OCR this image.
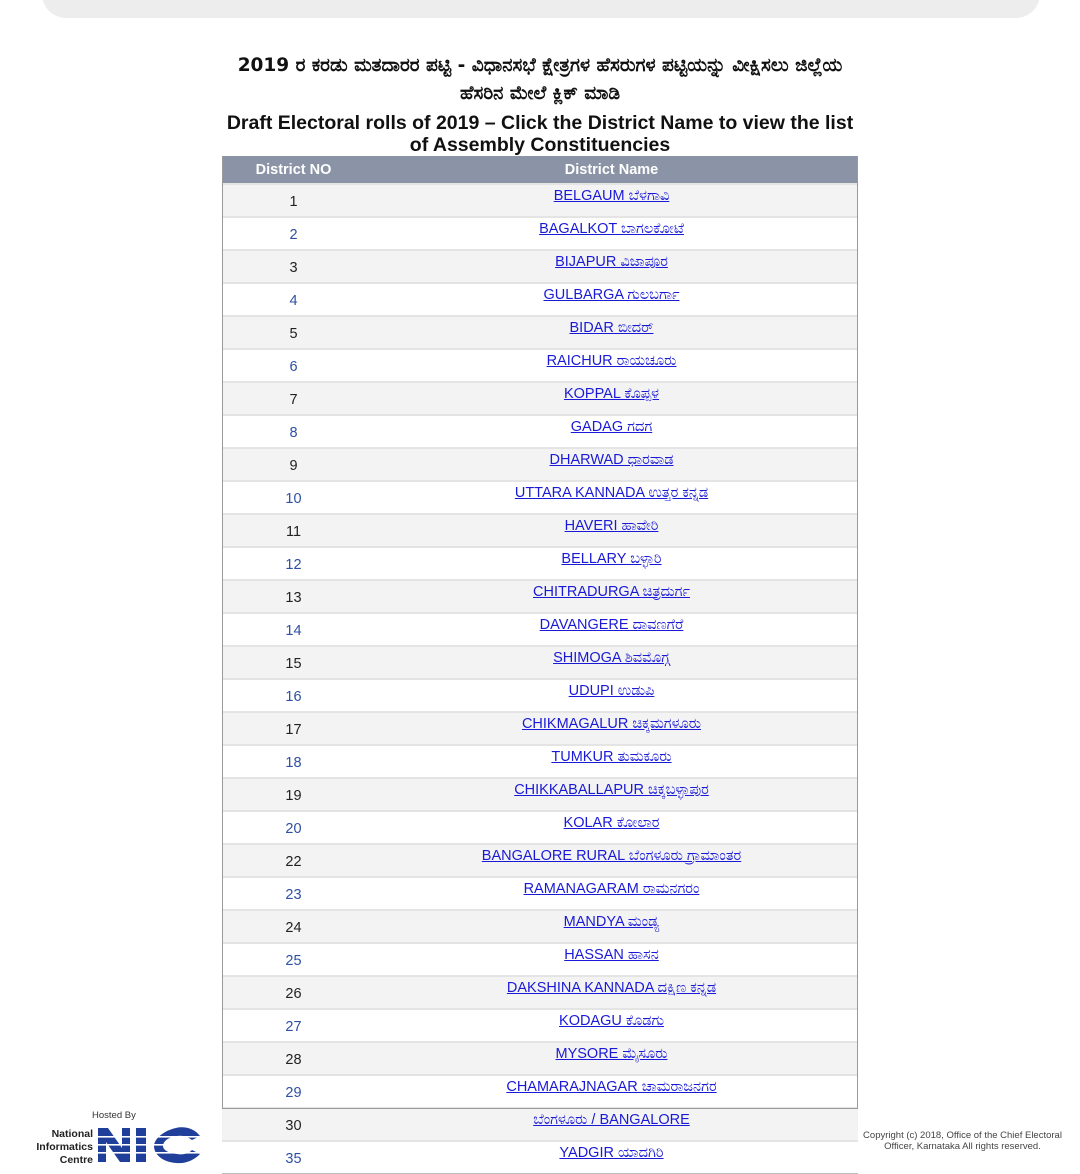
2019 ರ ಕರಡು ಮತದಾರರ ಪಟ್ಟಿ - ವಿಧಾನಸಭೆ ಕ್ಷೇತ್ರಗಳ ಹೆಸರುಗಳ ಪಟ್ಟಿಯನ್ನು ವೀಕ್ಷಿಸಲು ಜಿಲ್ಲೆಯ ಹೆಸರಿನ ಮೇಲೆ ಕ್ಲಿಕ್ ಮಾಡಿ
Draft Electoral rolls of 2019 – Click the District Name to view the list of Assembly Constituencies
District NO	District Name
1	BELGAUM ಬೆಳಗಾವಿ
2	BAGALKOT ಬಾಗಲಕೋಟೆ
3	BIJAPUR ವಿಜಾಪೂರ
4	GULBARGA ಗುಲಬರ್ಗಾ
5	BIDAR ಬೀದರ್
6	RAICHUR ರಾಯಚೂರು
7	KOPPAL ಕೊಪ್ಪಳ
8	GADAG ಗದಗ
9	DHARWAD ಧಾರವಾಡ
10	UTTARA KANNADA ಉತ್ತರ ಕನ್ನಡ
11	HAVERI ಹಾವೇರಿ
12	BELLARY ಬಳ್ಳಾರಿ
13	CHITRADURGA ಚಿತ್ರದುರ್ಗ
14	DAVANGERE ದಾವಣಗೆರೆ
15	SHIMOGA ಶಿವಮೊಗ್ಗ
16	UDUPI ಉಡುಪಿ
17	CHIKMAGALUR ಚಿಕ್ಕಮಗಳೂರು
18	TUMKUR ತುಮಕೂರು
19	CHIKKABALLAPUR ಚಿಕ್ಕಬಳ್ಳಾಪುರ
20	KOLAR ಕೋಲಾರ
22	BANGALORE RURAL ಬೆಂಗಳೂರು ಗ್ರಾಮಾಂತರ
23	RAMANAGARAM ರಾಮನಗರಂ
24	MANDYA ಮಂಡ್ಯ
25	HASSAN ಹಾಸನ
26	DAKSHINA KANNADA ದಕ್ಷಿಣ ಕನ್ನಡ
27	KODAGU ಕೊಡಗು
28	MYSORE ಮೈಸೂರು
29	CHAMARAJNAGAR ಚಾಮರಾಜನಗರ
30	ಬೆಂಗಳೂರು / BANGALORE
35	YADGIR ಯಾದಗಿರಿ
Hosted By
National
Informatics
Centre
Copyright (c) 2018, Office of the Chief Electoral Officer, Karnataka All rights reserved.
